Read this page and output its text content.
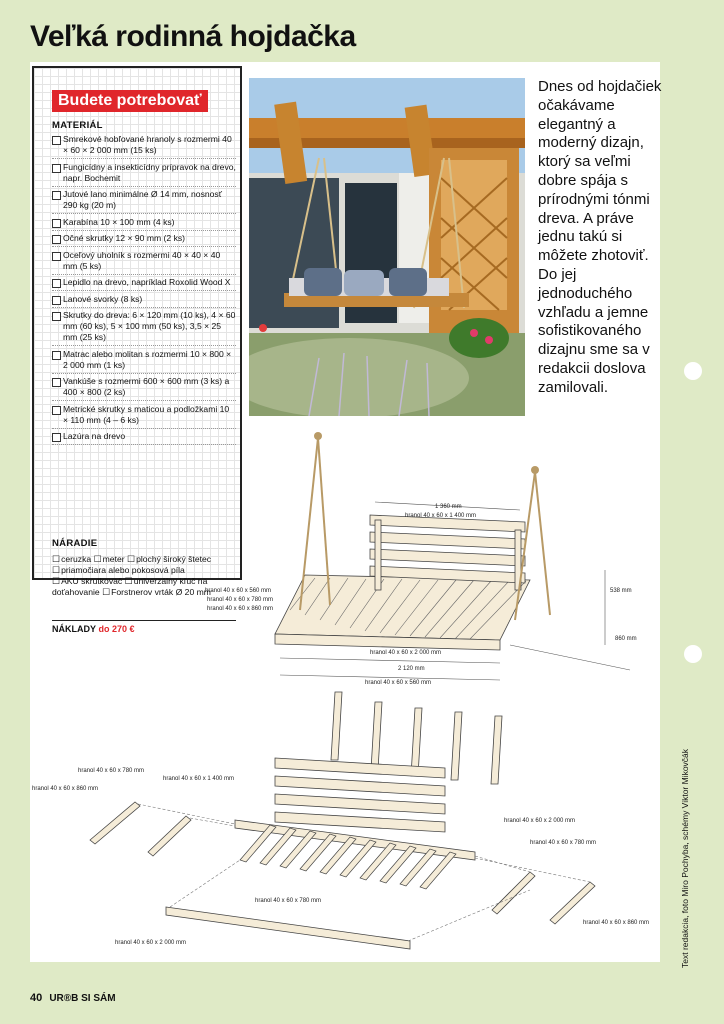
Veľká rodinná hojdačka
Budete potrebovať
MATERIÁL
Smrekové hobľované hranoly s rozmermi 40 × 60 × 2 000 mm (15 ks)
Fungicídny a insekticídny prípravok na drevo, napr. Bochemit
Jutové lano minimálne Ø 14 mm, nosnosť 290 kg (20 m)
Karabína 10 × 100 mm (4 ks)
Očné skrutky 12 × 90 mm (2 ks)
Oceľový uholník s rozmermi 40 × 40 × 40 mm (5 ks)
Lepidlo na drevo, napríklad Roxolid Wood X
Lanové svorky (8 ks)
Skrutky do dreva: 6 × 120 mm (10 ks), 4 × 60 mm (60 ks), 5 × 100 mm (50 ks), 3,5 × 25 mm (25 ks)
Matrac alebo molitan s rozmermi 10 × 800 × 2 000 mm (1 ks)
Vankúše s rozmermi 600 × 600 mm (3 ks) a 400 × 800 (2 ks)
Metrické skrutky s maticou a podložkami 10 × 110 mm (4 – 6 ks)
Lazúra na drevo
NÁRADIE
☐ ceruzka ☐ meter ☐ plochý široký štetec
☐ priamočiara alebo pokosová píla
☐ AKU skrutkovač ☐ univerzálny kľúč na doťahovanie ☐ Forstnerov vrták Ø 20 mm
NÁKLADY do 270 €
Dnes od hojdačiek očakávame elegantný a moderný dizajn, ktorý sa veľmi dobre spája s prírodnými tónmi dreva. A práve jednu takú si môžete zhotoviť. Do jej jednoduchého vzhľadu a jemne sofistikovaného dizajnu sme sa v redakcii doslova zamilovali.
1 360 mm
hranol 40 x 60 x 1 400 mm
hranol 40 x 60 x 560 mm
hranol 40 x 60 x 780 mm
hranol 40 x 60 x 860 mm
538 mm
860 mm
hranol 40 x 60 x 2 000 mm
2 120 mm
hranol 40 x 60 x 560 mm
hranol 40 x 60 x 780 mm
hranol 40 x 60 x 1 400 mm
hranol 40 x 60 x 860 mm
hranol 40 x 60 x 2 000 mm
hranol 40 x 60 x 780 mm
hranol 40 x 60 x 780 mm
hranol 40 x 60 x 860 mm
hranol 40 x 60 x 2 000 mm	Text redakcia, foto Miro Pochyba, schémy Viktor Mikovčák
40 UR®B SI SÁM
